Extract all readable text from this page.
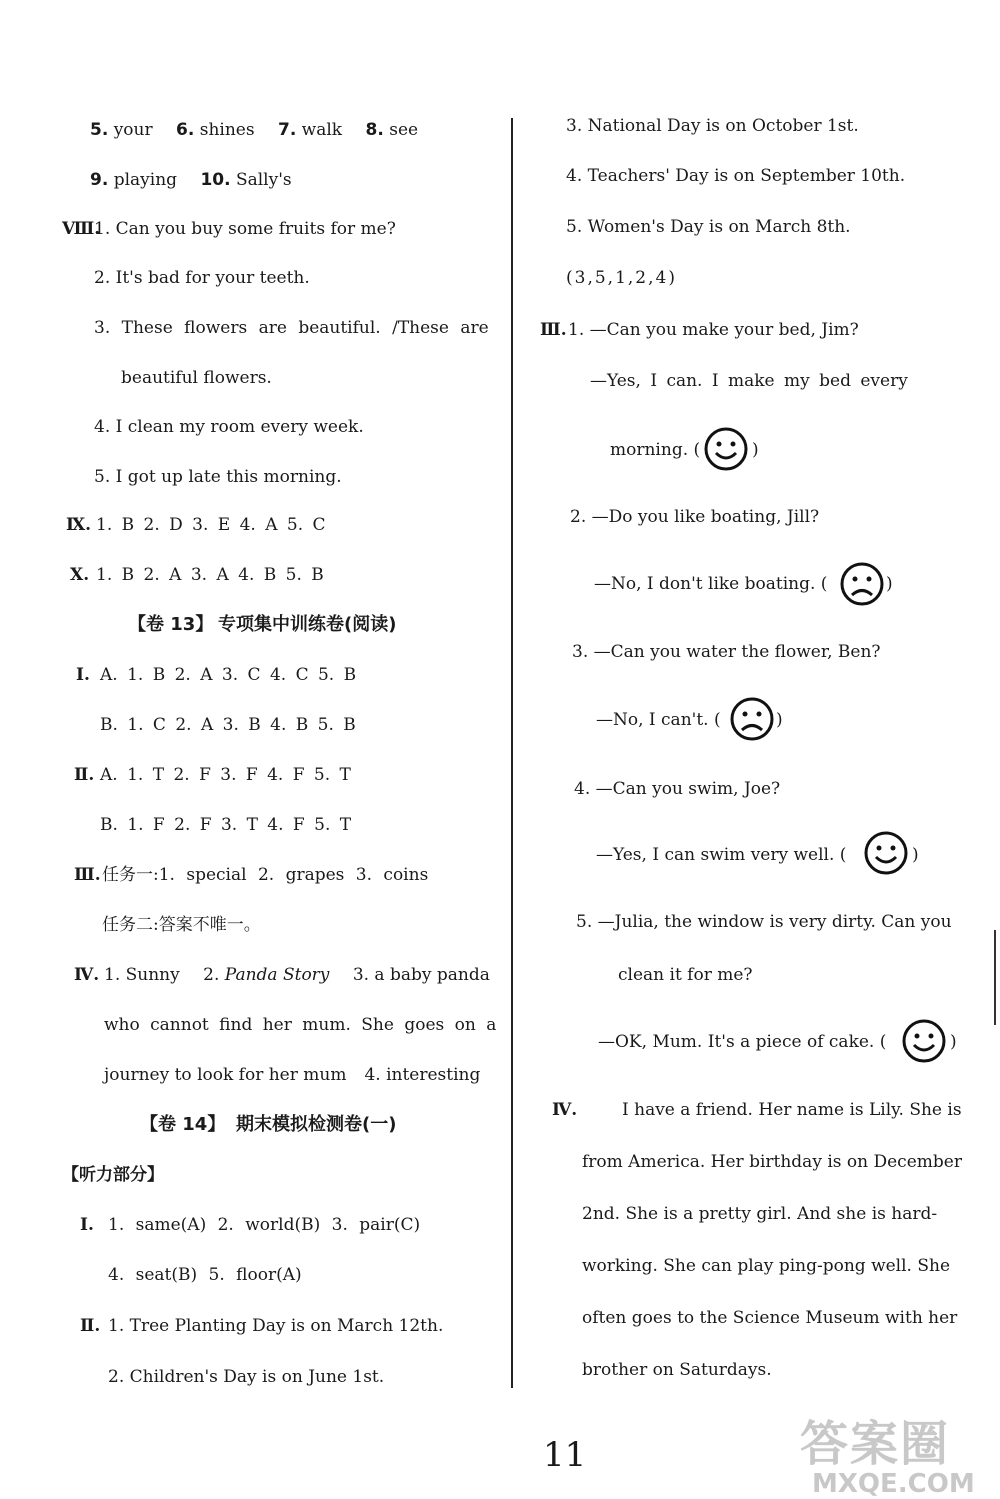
5. your 6. shines 7. walk 8. see
9. playing 10. Sally's
Ⅷ.
1. Can you buy some fruits for me?
2. It's bad for your teeth.
3. These flowers are beautiful. /These are
beautiful flowers.
4. I clean my room every week.
5. I got up late this morning.
Ⅸ. 1. B 2. D 3. E 4. A 5. C
Ⅹ. 1. B 2. A 3. A 4. B 5. B
【卷 13】 专项集中训练卷(阅读)
Ⅰ. A. 1. B 2. A 3. C 4. C 5. B
B. 1. C 2. A 3. B 4. B 5. B
Ⅱ. A. 1. T 2. F 3. F 4. F 5. T
B. 1. F 2. F 3. T 4. F 5. T
Ⅲ. 任务一:1. special 2. grapes 3. coins
任务二:答案不唯一。
Ⅳ. 1. Sunny 2. Panda Story 3. a baby panda
who cannot find her mum. She goes on a
journey to look for her mum 4. interesting
【卷 14】 期末模拟检测卷(一)
【听力部分】
Ⅰ. 1. same(A) 2. world(B) 3. pair(C)
4. seat(B) 5. floor(A)
Ⅱ. 1. Tree Planting Day is on March 12th.
2. Children's Day is on June 1st.
3. National Day is on October 1st.
4. Teachers' Day is on September 10th.
5. Women's Day is on March 8th.
(3,5,1,2,4)
Ⅲ. 1. —Can you make your bed, Jim?
—Yes, I can. I make my bed every
morning. (	)
2. —Do you like boating, Jill?
—No, I don't like boating. (	)
3. —Can you water the flower, Ben?
—No, I can't. (	)
4. —Can you swim, Joe?
—Yes, I can swim very well. (	)
5. —Julia, the window is very dirty. Can you
clean it for me?
—OK, Mum. It's a piece of cake. (	)
Ⅳ.	I have a friend. Her name is Lily. She is
from America. Her birthday is on December
2nd. She is a pretty girl. And she is hard-
working. She can play ping-pong well. She
often goes to the Science Museum with her
brother on Saturdays.
11	答案圈
MXQE.COM
